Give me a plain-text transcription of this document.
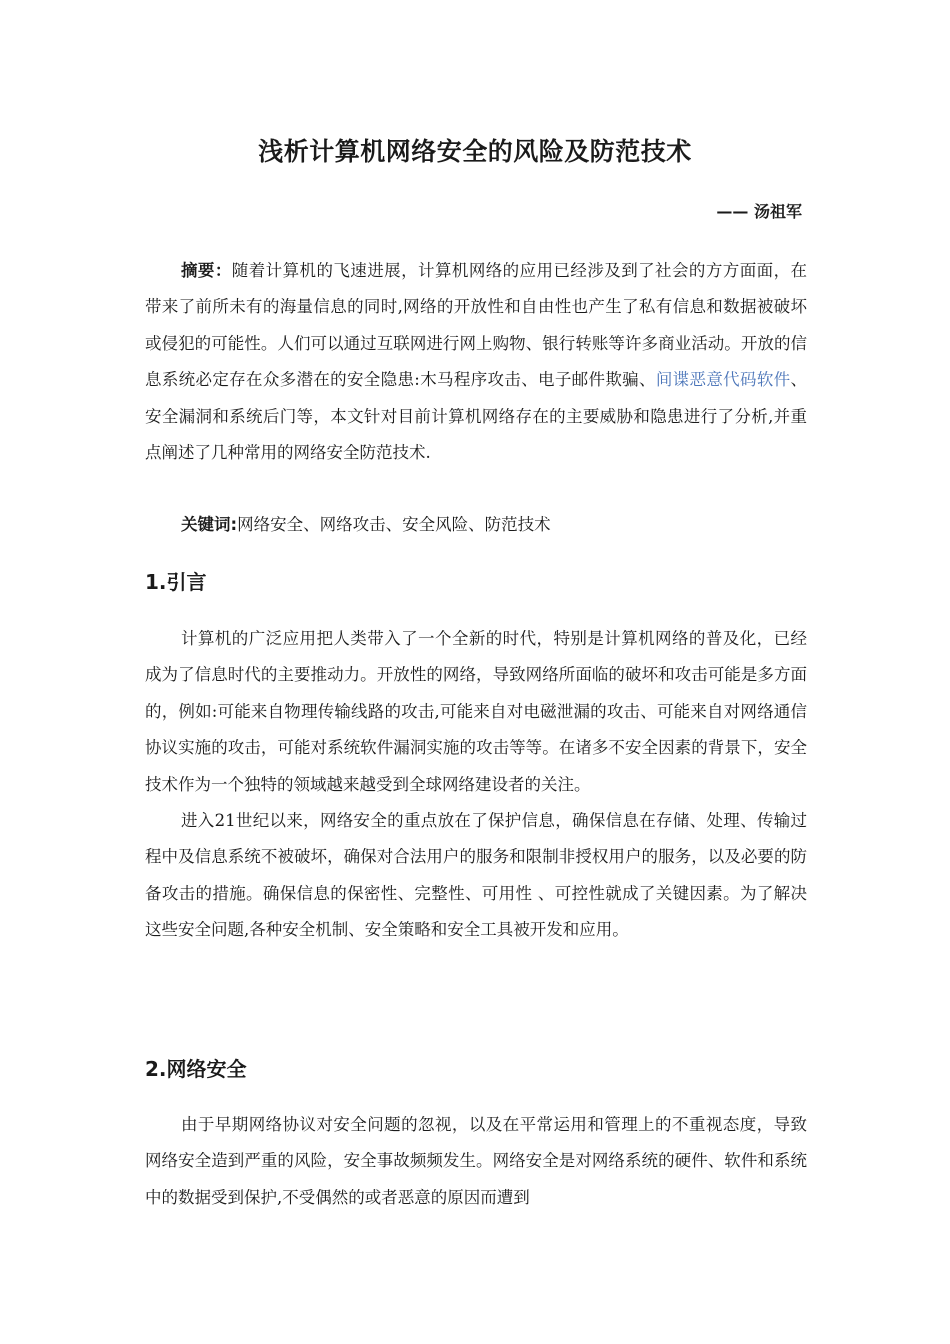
浅析计算机网络安全的风险及防范技术
—— 汤祖军
摘要：随着计算机的飞速进展，计算机网络的应用已经涉及到了社会的方方面面，在带来了前所未有的海量信息的同时,网络的开放性和自由性也产生了私有信息和数据被破坏或侵犯的可能性。人们可以通过互联网进行网上购物、银行转账等许多商业活动。开放的信息系统必定存在众多潜在的安全隐患:木马程序攻击、电子邮件欺骗、间谍恶意代码软件、安全漏洞和系统后门等，本文针对目前计算机网络存在的主要威胁和隐患进行了分析,并重点阐述了几种常用的网络安全防范技术.
关键词:网络安全、网络攻击、安全风险、防范技术
1.引言

计算机的广泛应用把人类带入了一个全新的时代，特别是计算机网络的普及化，已经成为了信息时代的主要推动力。开放性的网络，导致网络所面临的破坏和攻击可能是多方面的，例如:可能来自物理传输线路的攻击,可能来自对电磁泄漏的攻击、可能来自对网络通信协议实施的攻击，可能对系统软件漏洞实施的攻击等等。在诸多不安全因素的背景下，安全技术作为一个独特的领域越来越受到全球网络建设者的关注。

进入21世纪以来，网络安全的重点放在了保护信息，确保信息在存储、处理、传输过程中及信息系统不被破坏，确保对合法用户的服务和限制非授权用户的服务，以及必要的防备攻击的措施。确保信息的保密性、完整性、可用性 、可控性就成了关键因素。为了解决这些安全问题,各种安全机制、安全策略和安全工具被开发和应用。

2.网络安全

由于早期网络协议对安全问题的忽视，以及在平常运用和管理上的不重视态度，导致网络安全造到严重的风险，安全事故频频发生。网络安全是对网络系统的硬件、软件和系统中的数据受到保护,不受偶然的或者恶意的原因而遭到
